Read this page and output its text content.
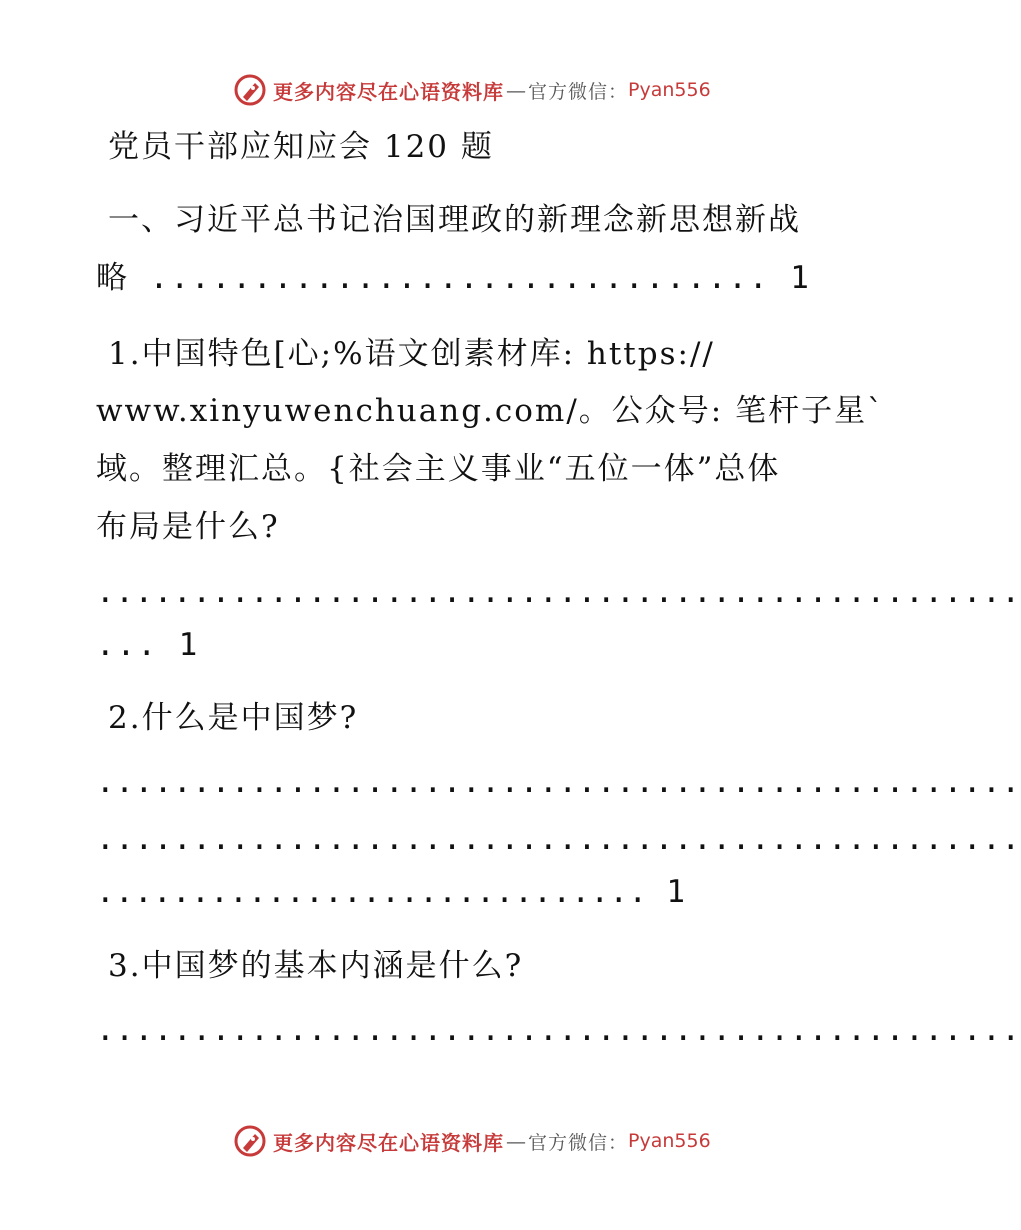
更多内容尽在心语资料库 — 官方微信： Pyan556
党员干部应知应会 120 题
一、习近平总书记治国理政的新理念新思想新战
略 .............................. 1
1.中国特色[心;%语文创素材库: https://
www.xinyuwenchuang.com/。公众号: 笔杆子星`
域。整理汇总。{社会主义事业“五位一体”总体
布局是什么?
................................................
... 1
2.什么是中国梦?
................................................
................................................
............................. 1
3.中国梦的基本内涵是什么?
................................................
更多内容尽在心语资料库 — 官方微信： Pyan556
